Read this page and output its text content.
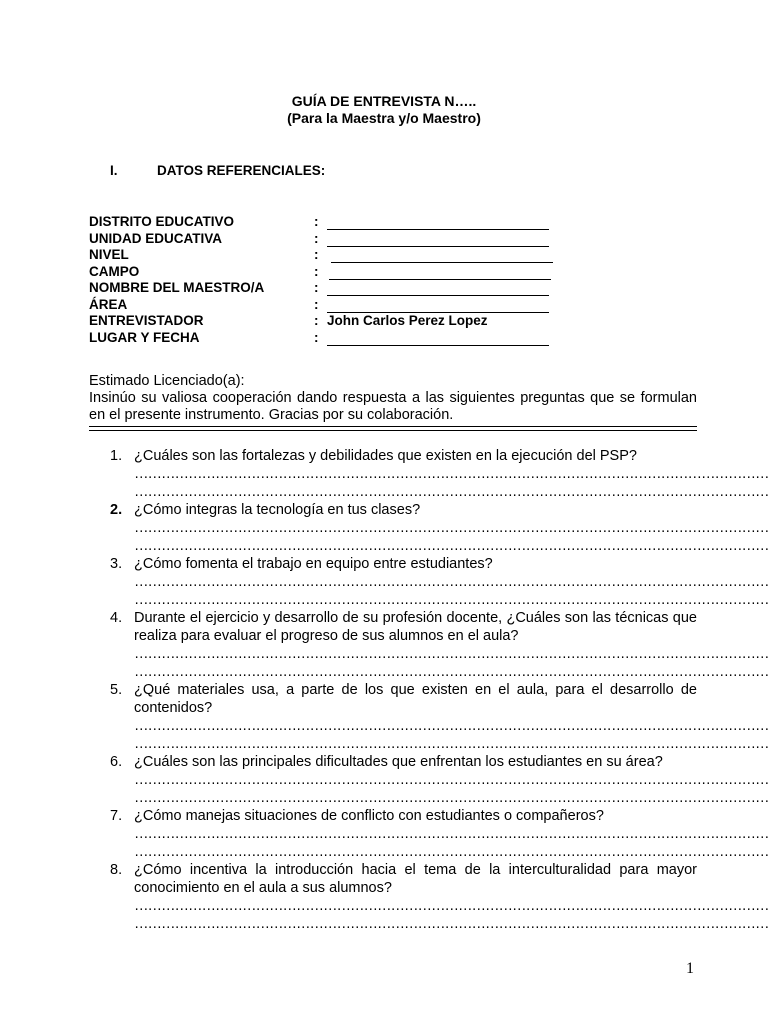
GUÍA DE ENTREVISTA N…..
(Para la Maestra y/o Maestro)
I.	DATOS REFERENCIALES:
DISTRITO EDUCATIVO	:
UNIDAD EDUCATIVA	:
NIVEL	:
CAMPO	:
NOMBRE DEL MAESTRO/A	:
ÁREA	:
ENTREVISTADOR	: John Carlos Perez Lopez
LUGAR Y FECHA	:

Estimado Licenciado(a):

Insinúo su valiosa cooperación dando respuesta a las siguientes preguntas que se formulan en el presente instrumento. Gracias por su colaboración.

1. ¿Cuáles son las fortalezas y debilidades que existen en la ejecución del PSP?
……………………………………………………………………………………………………………………………
……………………………………………………………………………………………………………………………
2. ¿Cómo integras la tecnología en tus clases?
……………………………………………………………………………………………………………………………
……………………………………………………………………………………………………………………………
3. ¿Cómo fomenta el trabajo en equipo entre estudiantes?
……………………………………………………………………………………………………………………………
……………………………………………………………………………………………………………………………
4. Durante el ejercicio y desarrollo de su profesión docente, ¿Cuáles son las técnicas que realiza para evaluar el progreso de sus alumnos en el aula?
……………………………………………………………………………………………………………………………
……………………………………………………………………………………………………………………………
5. ¿Qué materiales usa, a parte de los que existen en el aula, para el desarrollo de contenidos?
……………………………………………………………………………………………………………………………
……………………………………………………………………………………………………………………………
6. ¿Cuáles son las principales dificultades que enfrentan los estudiantes en su área?
……………………………………………………………………………………………………………………………
……………………………………………………………………………………………………………………………
7. ¿Cómo manejas situaciones de conflicto con estudiantes o compañeros?
……………………………………………………………………………………………………………………………
……………………………………………………………………………………………………………………………
8. ¿Cómo incentiva la introducción hacia el tema de la interculturalidad para mayor conocimiento en el aula a sus alumnos?
……………………………………………………………………………………………………………………………
……………………………………………………………………………………………………………………………
1
